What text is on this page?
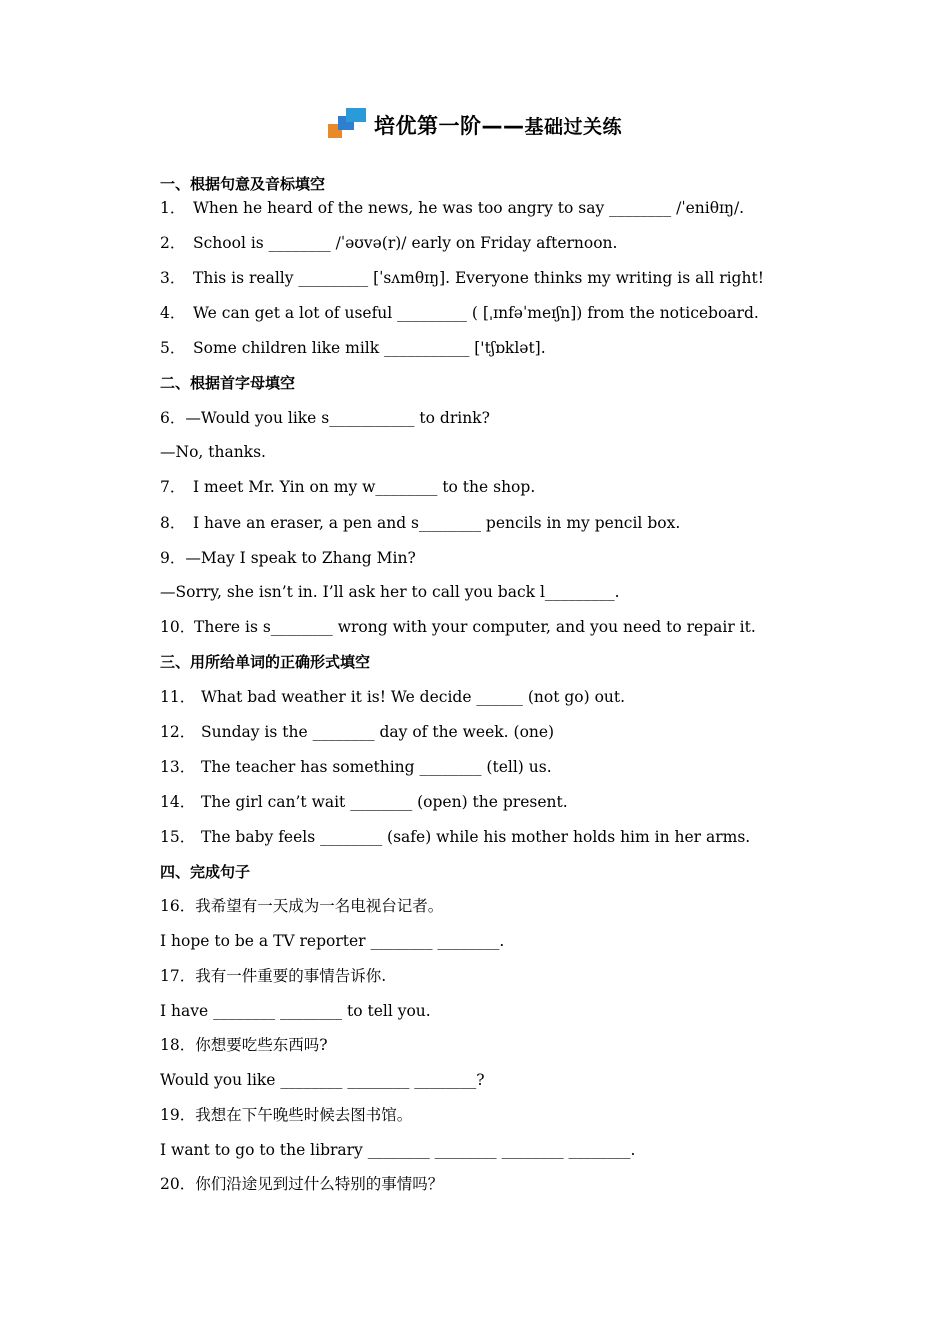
培优第一阶——基础过关练
一、根据句意及音标填空
1． When he heard of the news, he was too angry to say ________ /ˈeniθɪŋ/.
2． School is ________ /ˈəʊvə(r)/ early on Friday afternoon.
3． This is really _________ [ˈsʌmθɪŋ]. Everyone thinks my writing is all right!
4． We can get a lot of useful _________ ( [ˌɪnfəˈmeɪʃn]) from the noticeboard.
5． Some children like milk ___________ ['tʃɒklət].
二、根据首字母填空
6．—Would you like s___________ to drink?
—No, thanks.
7． I meet Mr. Yin on my w________ to the shop.
8． I have an eraser, a pen and s________ pencils in my pencil box.
9．—May I speak to Zhang Min?
—Sorry, she isn’t in. I’ll ask her to call you back l_________.
10．There is s________ wrong with your computer, and you need to repair it.
三、用所给单词的正确形式填空
11． What bad weather it is! We decide ______ (not go) out.
12． Sunday is the ________ day of the week. (one)
13． The teacher has something ________ (tell) us.
14． The girl can’t wait ________ (open) the present.
15． The baby feels ________ (safe) while his mother holds him in her arms.
四、完成句子
16．我希望有一天成为一名电视台记者。
I hope to be a TV reporter ________ ________.
17．我有一件重要的事情告诉你.
I have ________ ________ to tell you.
18．你想要吃些东西吗?
Would you like ________ ________ ________?
19．我想在下午晚些时候去图书馆。
I want to go to the library ________ ________ ________ ________.
20．你们沿途见到过什么特别的事情吗？
